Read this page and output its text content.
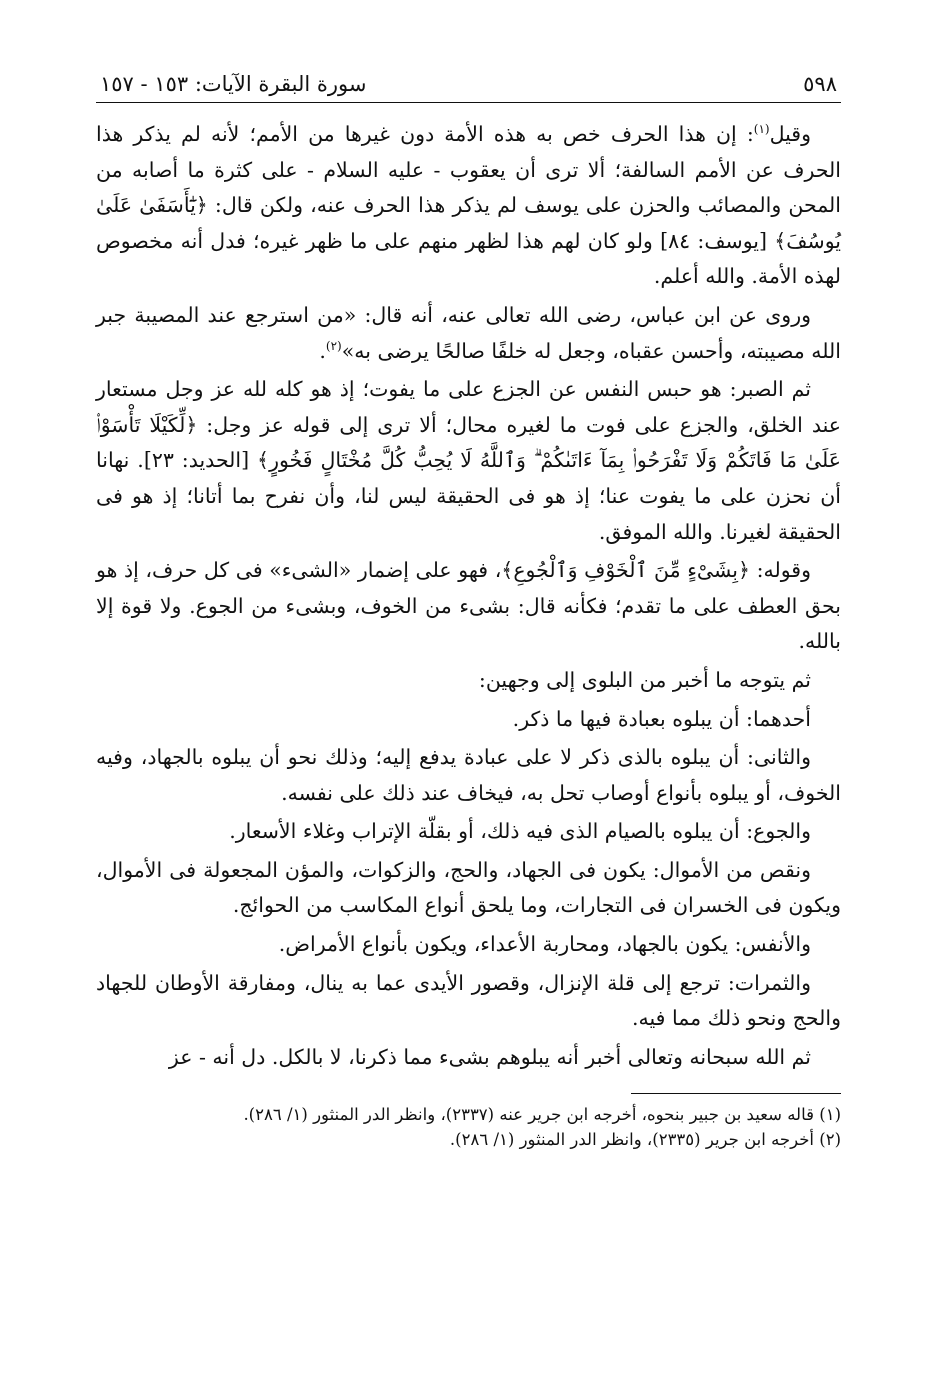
٥٩٨
سورة البقرة الآيات: ١٥٣ - ١٥٧

وقيل$^{(١)}$: إن هذا الحرف خص به هذه الأمة دون غيرها من الأمم؛ لأنه لم يذكر هذا الحرف عن الأمم السالفة؛ ألا ترى أن يعقوب - عليه السلام - على كثرة ما أصابه من المحن والمصائب والحزن على يوسف لم يذكر هذا الحرف عنه، ولكن قال: ﴿يَٰٓأَسَفَىٰ عَلَىٰ يُوسُفَ﴾ [يوسف: ٨٤] ولو كان لهم هذا لظهر منهم على ما ظهر غيره؛ فدل أنه مخصوص لهذه الأمة. والله أعلم.

وروى عن ابن عباس، رضى الله تعالى عنه، أنه قال: «من استرجع عند المصيبة جبر الله مصيبته، وأحسن عقباه، وجعل له خلفًا صالحًا يرضى به»$^{(٢)}$.

ثم الصبر: هو حبس النفس عن الجزع على ما يفوت؛ إذ هو كله لله عز وجل مستعار عند الخلق، والجزع على فوت ما لغيره محال؛ ألا ترى إلى قوله عز وجل: ﴿لِّكَيْلَا تَأْسَوْا۟ عَلَىٰ مَا فَاتَكُمْ وَلَا تَفْرَحُوا۟ بِمَآ ءَاتَىٰكُمْ ۗ وَٱللَّهُ لَا يُحِبُّ كُلَّ مُخْتَالٍ فَخُورٍ﴾ [الحديد: ٢٣]. نهانا أن نحزن على ما يفوت عنا؛ إذ هو فى الحقيقة ليس لنا، وأن نفرح بما أتانا؛ إذ هو فى الحقيقة لغيرنا. والله الموفق.

وقوله: ﴿بِشَىْءٍ مِّنَ ٱلْخَوْفِ وَٱلْجُوعِ﴾، فهو على إضمار «الشىء» فى كل حرف، إذ هو بحق العطف على ما تقدم؛ فكأنه قال: بشىء من الخوف، وبشىء من الجوع. ولا قوة إلا بالله.

ثم يتوجه ما أخبر من البلوى إلى وجهين:

أحدهما: أن يبلوه بعبادة فيها ما ذكر.

والثانى: أن يبلوه بالذى ذكر لا على عبادة يدفع إليه؛ وذلك نحو أن يبلوه بالجهاد، وفيه الخوف، أو يبلوه بأنواع أوصاب تحل به، فيخاف عند ذلك على نفسه.

والجوع: أن يبلوه بالصيام الذى فيه ذلك، أو بقلّة الإتراب وغلاء الأسعار.

ونقص من الأموال: يكون فى الجهاد، والحج، والزكوات، والمؤن المجعولة فى الأموال، ويكون فى الخسران فى التجارات، وما يلحق أنواع المكاسب من الحوائج.

والأنفس: يكون بالجهاد، ومحاربة الأعداء، ويكون بأنواع الأمراض.

والثمرات: ترجع إلى قلة الإنزال، وقصور الأيدى عما به ينال، ومفارقة الأوطان للجهاد والحج ونحو ذلك مما فيه.

ثم الله سبحانه وتعالى أخبر أنه يبلوهم بشىء مما ذكرنا، لا بالكل. دل أنه - عز

(١) قاله سعيد بن جبير بنحوه، أخرجه ابن جرير عنه (٢٣٣٧)، وانظر الدر المنثور (١/ ٢٨٦).
(٢) أخرجه ابن جرير (٢٣٣٥)، وانظر الدر المنثور (١/ ٢٨٦).
